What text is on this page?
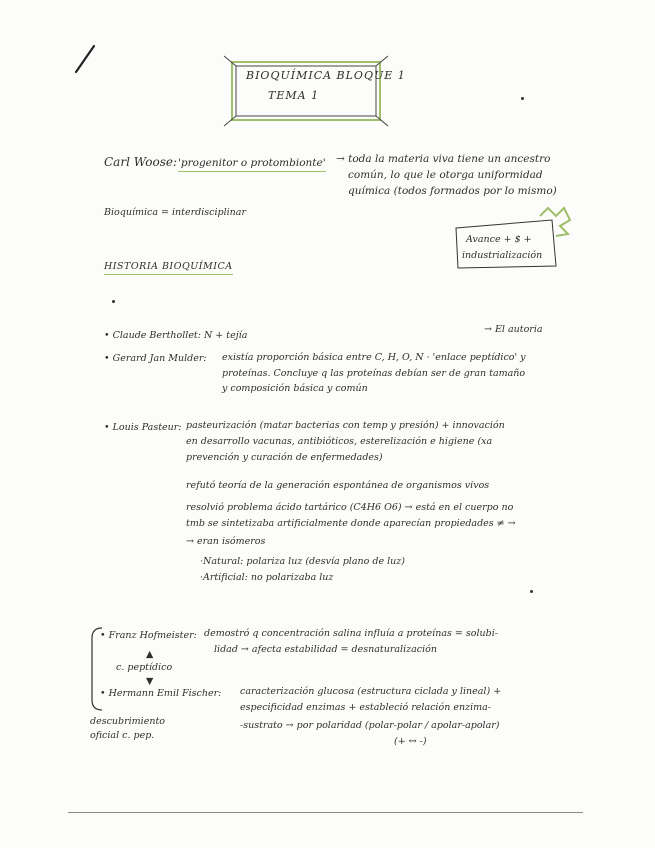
BIOQUÍMICA BLOQUE 1
TEMA 1
Carl Woose: 'progenitor o protombionte' → toda la materia viva tiene un ancestro
común, lo que le otorga uniformidad
química (todos formados por lo mismo)
Bioquímica = interdisciplinar
Avance + $ +
industrialización
HISTORIA BIOQUÍMICA
• Claude Berthollet: N + tejía
→ El autoria
• Gerard Jan Mulder: existía proporción básica entre C, H, O, N · 'enlace peptídico' y
proteínas. Concluye q las proteínas debían ser de gran tamaño
y composición básica y común
• Louis Pasteur: pasteurización (matar bacterias con temp y presión) + innovación
en desarrollo vacunas, antibióticos, esterelización e higiene (xa
prevención y curación de enfermedades)
refutó teoría de la generación espontánea de organismos vivos
resolvió problema ácido tartárico (C4H6 O6) → está en el cuerpo no
tmb se sintetizaba artificialmente donde aparecían propiedades ≠ →
→ eran isómeros
·Natural: polariza luz (desvía plano de luz)
·Artificial: no polarizaba luz
• Franz Hofmeister: demostró q concentración salina influía a proteínas = solubi-
lidad → afecta estabilidad = desnaturalización
▲
c. peptídico
▼
• Hermann Emil Fischer: caracterización glucosa (estructura ciclada y lineal) +
especificidad enzimas + estableció relación enzima-
-sustrato → por polaridad (polar-polar / apolar-apolar)
(+ ↔ -)
descubrimiento
oficial c. pep.
